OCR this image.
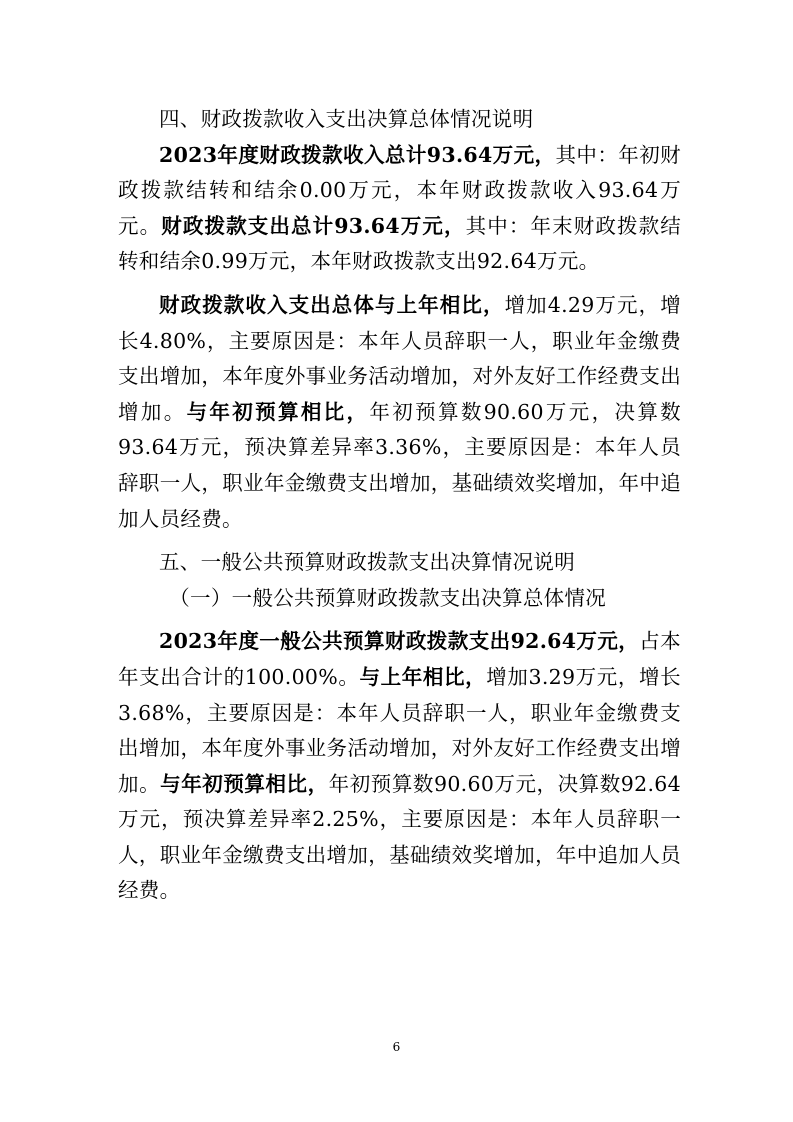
四、财政拨款收入支出决算总体情况说明

2023年度财政拨款收入总计93.64万元，其中：年初财政拨款结转和结余0.00万元，本年财政拨款收入93.64万元。财政拨款支出总计93.64万元，其中：年末财政拨款结转和结余0.99万元，本年财政拨款支出92.64万元。

财政拨款收入支出总体与上年相比，增加4.29万元，增长4.80%，主要原因是：本年人员辞职一人，职业年金缴费支出增加，本年度外事业务活动增加，对外友好工作经费支出增加。与年初预算相比，年初预算数90.60万元，决算数93.64万元，预决算差异率3.36%，主要原因是：本年人员辞职一人，职业年金缴费支出增加，基础绩效奖增加，年中追加人员经费。

五、一般公共预算财政拨款支出决算情况说明
（一）一般公共预算财政拨款支出决算总体情况

2023年度一般公共预算财政拨款支出92.64万元，占本年支出合计的100.00%。与上年相比，增加3.29万元，增长3.68%，主要原因是：本年人员辞职一人，职业年金缴费支出增加，本年度外事业务活动增加，对外友好工作经费支出增加。与年初预算相比，年初预算数90.60万元，决算数92.64万元，预决算差异率2.25%，主要原因是：本年人员辞职一人，职业年金缴费支出增加，基础绩效奖增加，年中追加人员经费。

6
